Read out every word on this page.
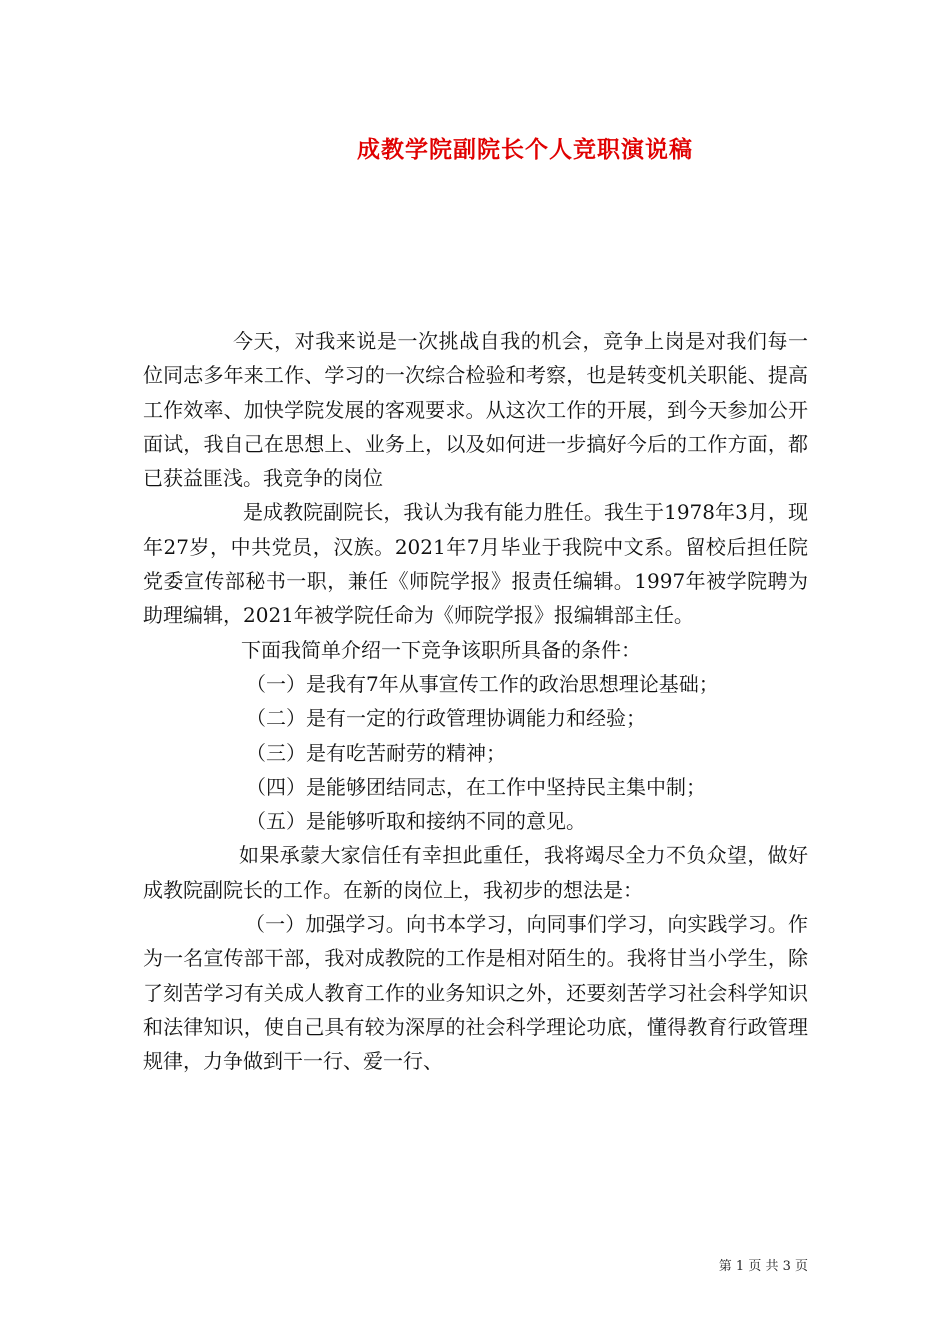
成教学院副院长个人竞职演说稿

今天，对我来说是一次挑战自我的机会，竞争上岗是对我们每一位同志多年来工作、学习的一次综合检验和考察，也是转变机关职能、提高工作效率、加快学院发展的客观要求。从这次工作的开展，到今天参加公开面试，我自己在思想上、业务上，以及如何进一步搞好今后的工作方面，都已获益匪浅。我竞争的岗位

是成教院副院长，我认为我有能力胜任。我生于1978年3月，现年27岁，中共党员，汉族。2021年7月毕业于我院中文系。留校后担任院党委宣传部秘书一职，兼任《师院学报》报责任编辑。1997年被学院聘为助理编辑，2021年被学院任命为《师院学报》报编辑部主任。

下面我简单介绍一下竞争该职所具备的条件：

（一）是我有7年从事宣传工作的政治思想理论基础；

（二）是有一定的行政管理协调能力和经验；

（三）是有吃苦耐劳的精神；

（四）是能够团结同志，在工作中坚持民主集中制；

（五）是能够听取和接纳不同的意见。

如果承蒙大家信任有幸担此重任，我将竭尽全力不负众望，做好成教院副院长的工作。在新的岗位上，我初步的想法是：

（一）加强学习。向书本学习，向同事们学习，向实践学习。作为一名宣传部干部，我对成教院的工作是相对陌生的。我将甘当小学生，除了刻苦学习有关成人教育工作的业务知识之外，还要刻苦学习社会科学知识和法律知识，使自己具有较为深厚的社会科学理论功底，懂得教育行政管理规律，力争做到干一行、爱一行、

第 1 页 共 3 页
